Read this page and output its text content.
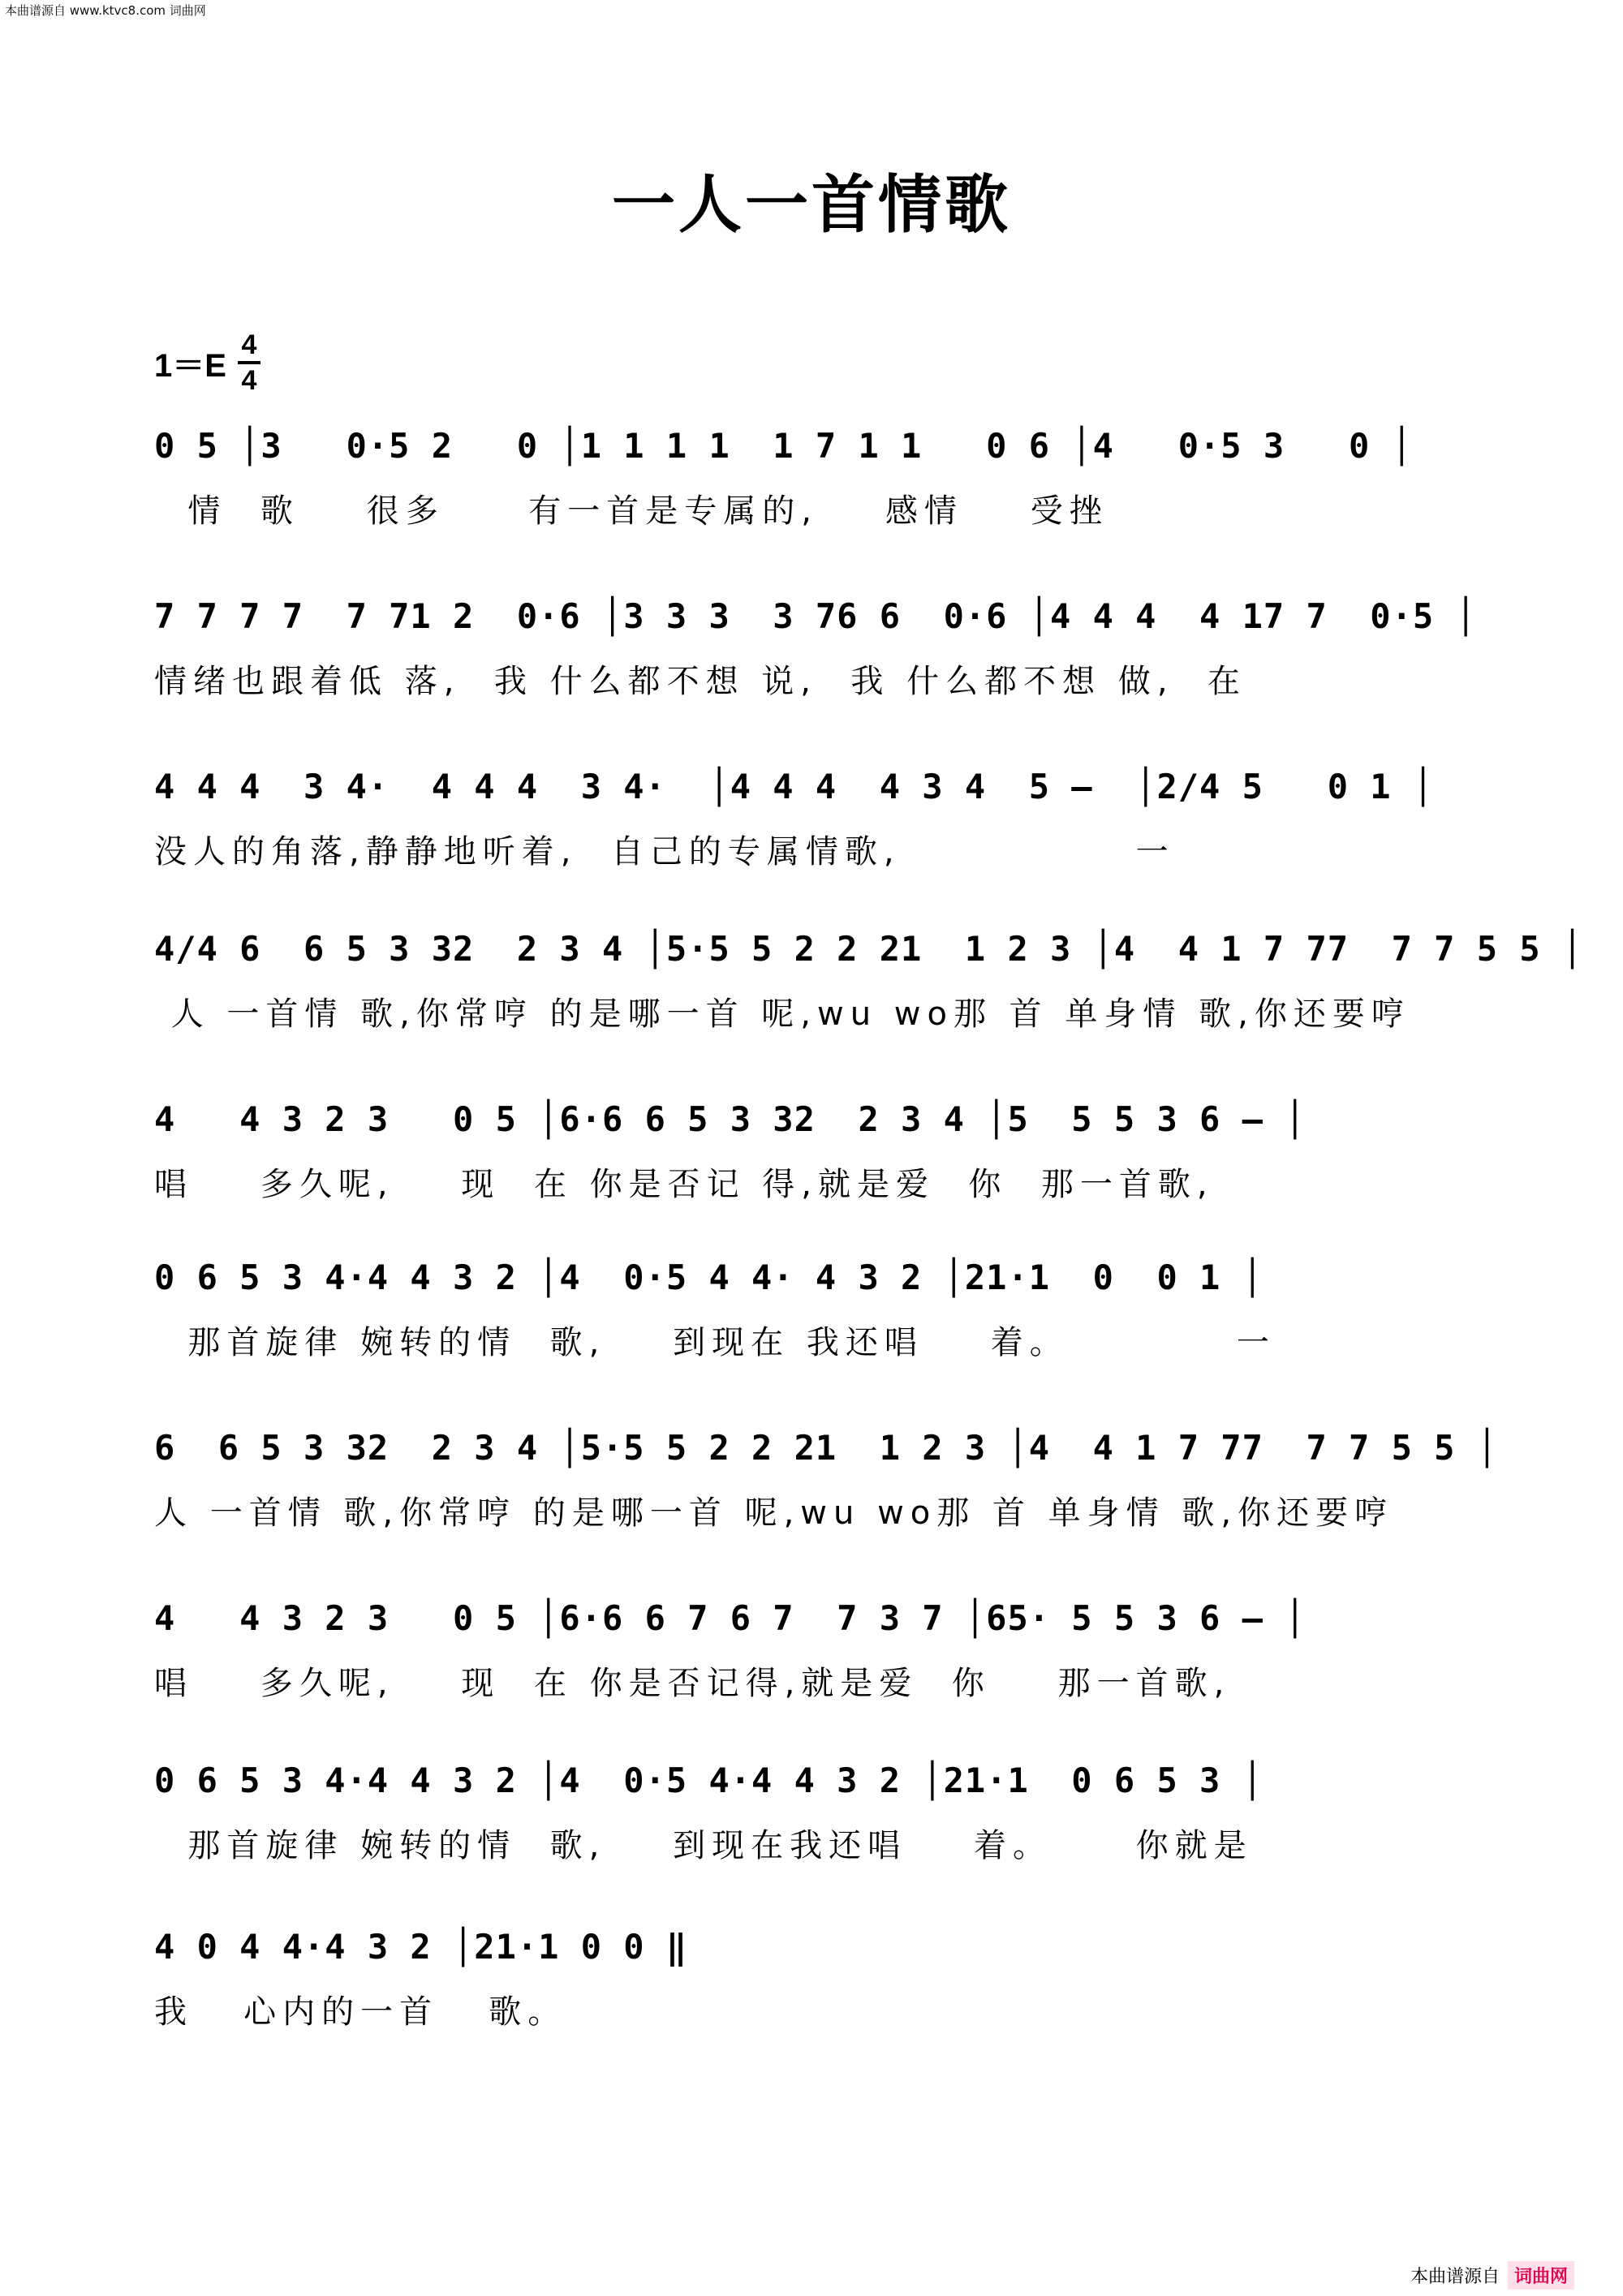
本曲谱源自 www.ktvc8.com 词曲网
一人一首情歌
$1=E \frac{4}{4}$
0 5 │3   0·5 2   0 │1 1 1 1  1 7 1 1   0 6 │4   0·5 3   0 │
情  歌    很多     有一首是专属的,    感情    受挫
7 7 7 7  7 71 2  0·6 │3 3 3  3 76 6  0·6 │4 4 4  4 17 7  0·5 │
情绪也跟着低 落,  我 什么都不想 说,  我 什么都不想 做,  在
4 4 4  3 4·  4 4 4  3 4·  │4 4 4  4 3 4  5 –  │2/4 5   0 1 │
没人的角落,静静地听着,  自己的专属情歌,              一
4/4 6  6 5 3 32  2 3 4 │5·5 5 2 2 21  1 2 3 │4  4 1 7 77  7 7 5 5 │
人 一首情 歌,你常哼 的是哪一首 呢,wu wo那 首 单身情 歌,你还要哼
4   4 3 2 3   0 5 │6·6 6 5 3 32  2 3 4 │5  5 5 3 6 – │
唱    多久呢,    现  在 你是否记 得,就是爱  你  那一首歌,
0 6 5 3 4·4 4 3 2 │4  0·5 4 4· 4 3 2 │21·1  0  0 1 │
那首旋律 婉转的情  歌,    到现在 我还唱    着。          一
6  6 5 3 32  2 3 4 │5·5 5 2 2 21  1 2 3 │4  4 1 7 77  7 7 5 5 │
人 一首情 歌,你常哼 的是哪一首 呢,wu wo那 首 单身情 歌,你还要哼
4   4 3 2 3   0 5 │6·6 6 7 6 7  7 3 7 │65· 5 5 3 6 – │
唱    多久呢,    现  在 你是否记得,就是爱  你    那一首歌,
0 6 5 3 4·4 4 3 2 │4  0·5 4·4 4 3 2 │21·1  0 6 5 3 │
那首旋律 婉转的情  歌,    到现在我还唱    着。     你就是
4 0 4 4·4 3 2 │21·1 0 0 ‖
我   心内的一首   歌。
本曲谱源自 词曲网
